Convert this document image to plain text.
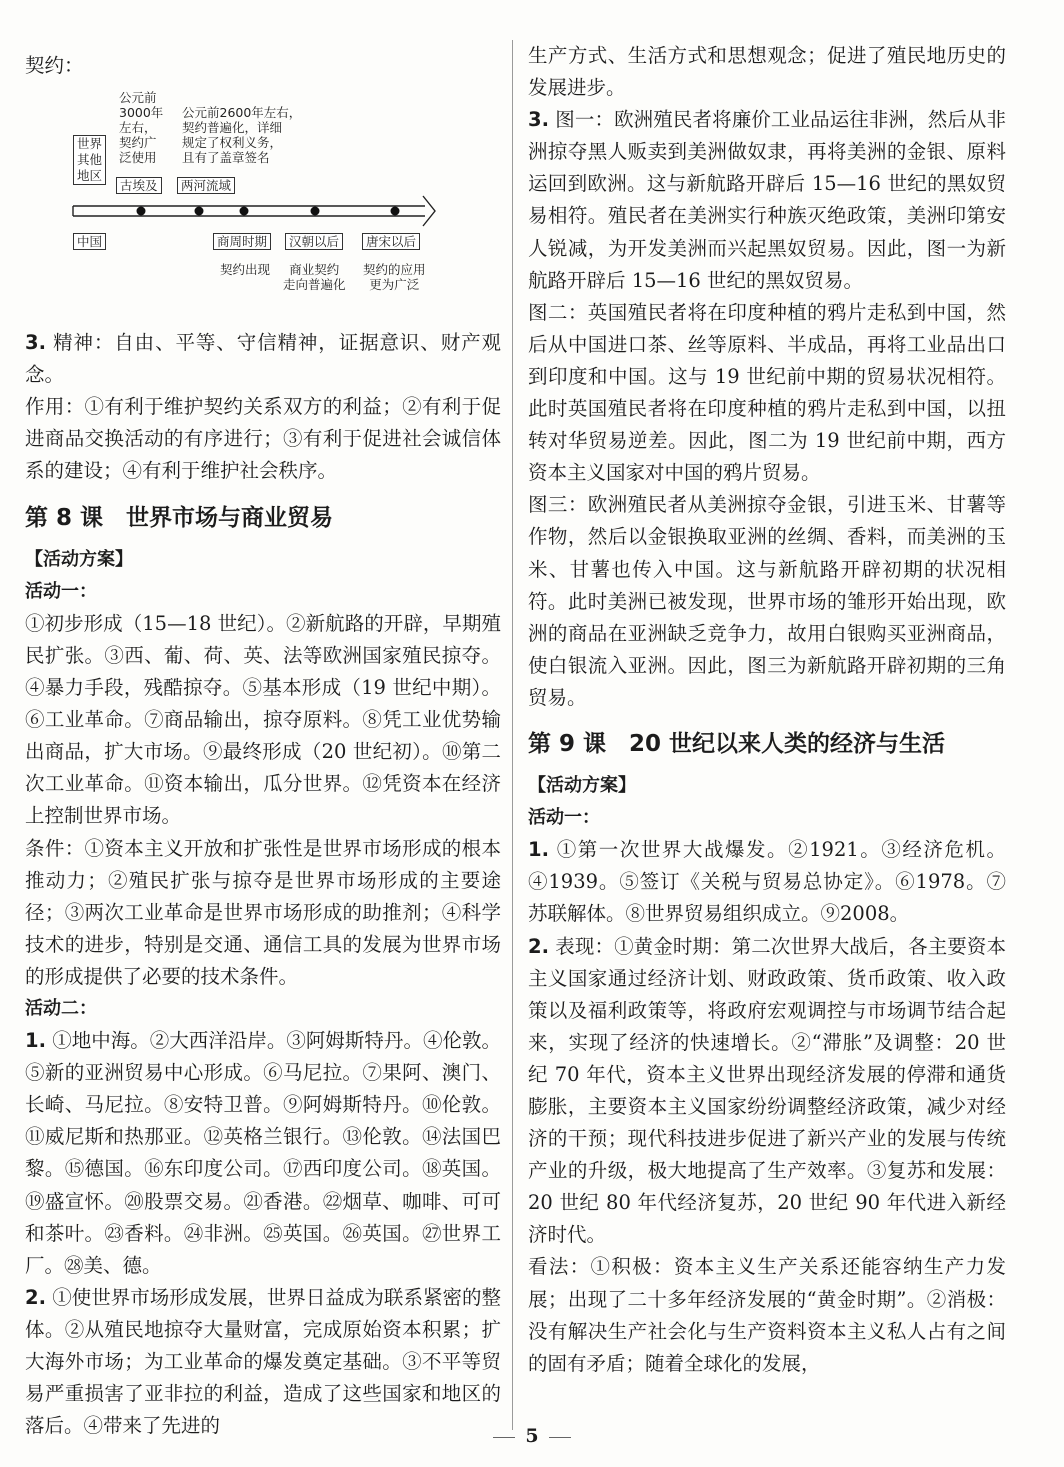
契约：

世界
其他
地区
公元前
3000年
左右，
契约广
泛使用
公元前2600年左右，
契约普遍化，详细
规定了权利义务，
且有了盖章签名
古埃及	两河流域
中国	商周时期	汉朝以后	唐宋以后
契约出现	商业契约
走向普遍化
契约的应用
更为广泛

3. 精神：自由、平等、守信精神，证据意识、财产观念。

作用：①有利于维护契约关系双方的利益；②有利于促进商品交换活动的有序进行；③有利于促进社会诚信体系的建设；④有利于维护社会秩序。

第 8 课　世界市场与商业贸易

【活动方案】

活动一：

①初步形成（15—18 世纪）。②新航路的开辟，早期殖民扩张。③西、葡、荷、英、法等欧洲国家殖民掠夺。④暴力手段，残酷掠夺。⑤基本形成（19 世纪中期）。⑥工业革命。⑦商品输出，掠夺原料。⑧凭工业优势输出商品，扩大市场。⑨最终形成（20 世纪初）。⑩第二次工业革命。⑪资本输出，瓜分世界。⑫凭资本在经济上控制世界市场。

条件：①资本主义开放和扩张性是世界市场形成的根本推动力；②殖民扩张与掠夺是世界市场形成的主要途径；③两次工业革命是世界市场形成的助推剂；④科学技术的进步，特别是交通、通信工具的发展为世界市场的形成提供了必要的技术条件。

活动二：

1. ①地中海。②大西洋沿岸。③阿姆斯特丹。④伦敦。⑤新的亚洲贸易中心形成。⑥马尼拉。⑦果阿、澳门、长崎、马尼拉。⑧安特卫普。⑨阿姆斯特丹。⑩伦敦。⑪威尼斯和热那亚。⑫英格兰银行。⑬伦敦。⑭法国巴黎。⑮德国。⑯东印度公司。⑰西印度公司。⑱英国。⑲盛宣怀。⑳股票交易。㉑香港。㉒烟草、咖啡、可可和茶叶。㉓香料。㉔非洲。㉕英国。㉖英国。㉗世界工厂。㉘美、德。

2. ①使世界市场形成发展，世界日益成为联系紧密的整体。②从殖民地掠夺大量财富，完成原始资本积累；扩大海外市场；为工业革命的爆发奠定基础。③不平等贸易严重损害了亚非拉的利益，造成了这些国家和地区的落后。④带来了先进的

生产方式、生活方式和思想观念；促进了殖民地历史的发展进步。

3. 图一：欧洲殖民者将廉价工业品运往非洲，然后从非洲掠夺黑人贩卖到美洲做奴隶，再将美洲的金银、原料运回到欧洲。这与新航路开辟后 15—16 世纪的黑奴贸易相符。殖民者在美洲实行种族灭绝政策，美洲印第安人锐减，为开发美洲而兴起黑奴贸易。因此，图一为新航路开辟后 15—16 世纪的黑奴贸易。

图二：英国殖民者将在印度种植的鸦片走私到中国，然后从中国进口茶、丝等原料、半成品，再将工业品出口到印度和中国。这与 19 世纪前中期的贸易状况相符。此时英国殖民者将在印度种植的鸦片走私到中国，以扭转对华贸易逆差。因此，图二为 19 世纪前中期，西方资本主义国家对中国的鸦片贸易。

图三：欧洲殖民者从美洲掠夺金银，引进玉米、甘薯等作物，然后以金银换取亚洲的丝绸、香料，而美洲的玉米、甘薯也传入中国。这与新航路开辟初期的状况相符。此时美洲已被发现，世界市场的雏形开始出现，欧洲的商品在亚洲缺乏竞争力，故用白银购买亚洲商品，使白银流入亚洲。因此，图三为新航路开辟初期的三角贸易。

第 9 课　20 世纪以来人类的经济与生活

【活动方案】

活动一：

1. ①第一次世界大战爆发。②1921。③经济危机。④1939。⑤签订《关税与贸易总协定》。⑥1978。⑦苏联解体。⑧世界贸易组织成立。⑨2008。

2. 表现：①黄金时期：第二次世界大战后，各主要资本主义国家通过经济计划、财政政策、货币政策、收入政策以及福利政策等，将政府宏观调控与市场调节结合起来，实现了经济的快速增长。②“滞胀”及调整：20 世纪 70 年代，资本主义世界出现经济发展的停滞和通货膨胀，主要资本主义国家纷纷调整经济政策，减少对经济的干预；现代科技进步促进了新兴产业的发展与传统产业的升级，极大地提高了生产效率。③复苏和发展：20 世纪 80 年代经济复苏，20 世纪 90 年代进入新经济时代。

看法：①积极：资本主义生产关系还能容纳生产力发展；出现了二十多年经济发展的“黄金时期”。②消极：没有解决生产社会化与生产资料资本主义私人占有之间的固有矛盾；随着全球化的发展，

5
